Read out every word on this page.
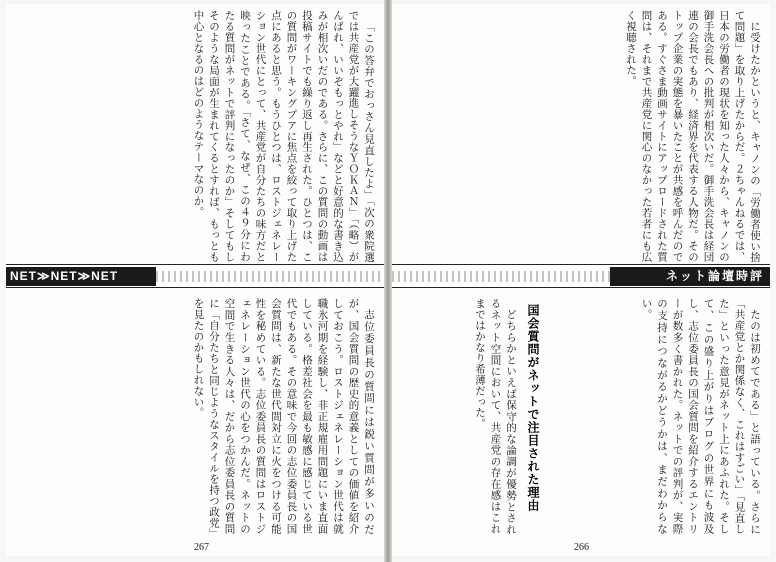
「この答弁でおっさん見直したよ」「次の衆院選では共産党が大躍進しそうなＹＯＫＡＮ」「（略）がんばれ、いいぞもっとやれ」などと好意的な書き込みが相次いだのである。さらに、この質問の動画は投稿サイトでも繰り返し再生された。ひとつは、この質問がワーキングプアに焦点を絞って取り上げた点にあると思う。もうひとつは、ロストジェネレーション世代にとって、共産党が自分たちの味方だと映ったことである。「さて、なぜ、この４９分にわたる質問がネットで評判になったのか」そしてもしそのような局面が生まれてくるとすれば、もっとも中心となるのはどのようなテーマなのか。

志位委員長の質問には鋭い質問が多いのだが、国会質問の歴史的意義としての価値を紹介しておこう。ロストジェネレーション世代は就職氷河期を経験し、非正規雇用問題にいま直面している。格差社会を最も敏感に感じている世代でもある。その意味で今回の志位委員長の国会質問は、新たな世代間対立に火をつける可能性を秘めている。志位委員長の質問はロストジェネレーション世代の心をつかんだ。ネットの空間で生きる人々は、だから志位委員長の質問に「自分たちと同じようなスタイルを持つ政党」を見たのかもしれない。

267

に受けたかというと、キャノンの「労働者使い捨て問題」を取り上げたからだ。２ちゃんねるでは、日本の労働者の現状を知った人々から、キャノンの御手洗会長への批判が相次いだ。御手洗会長は経団連の会長でもあり、経済界を代表する人物だ。そのトップ企業の実態を暴いたことが共感を呼んだのである。すぐさま動画サイトにアップロードされた質問は、それまで共産党に関心のなかった若者にも広く視聴された。

たのは初めてである」と語っている。さらに「共産党とか関係なく、これはすごい」「見直した」といった意見がネット上にあふれた。そして、この盛り上がりはブログの世界にも波及し、志位委員長の国会質問を紹介するエントリーが数多く書かれた。ネットでの評判が、実際の支持につながるかどうかは、まだわからない。

国会質問がネットで注目された理由

どちらかといえば保守的な論調が優勢とされるネット空間において、共産党の存在感はこれまではかなり希薄だった。

266
NET≫NET≫NET	ネット論壇時評
